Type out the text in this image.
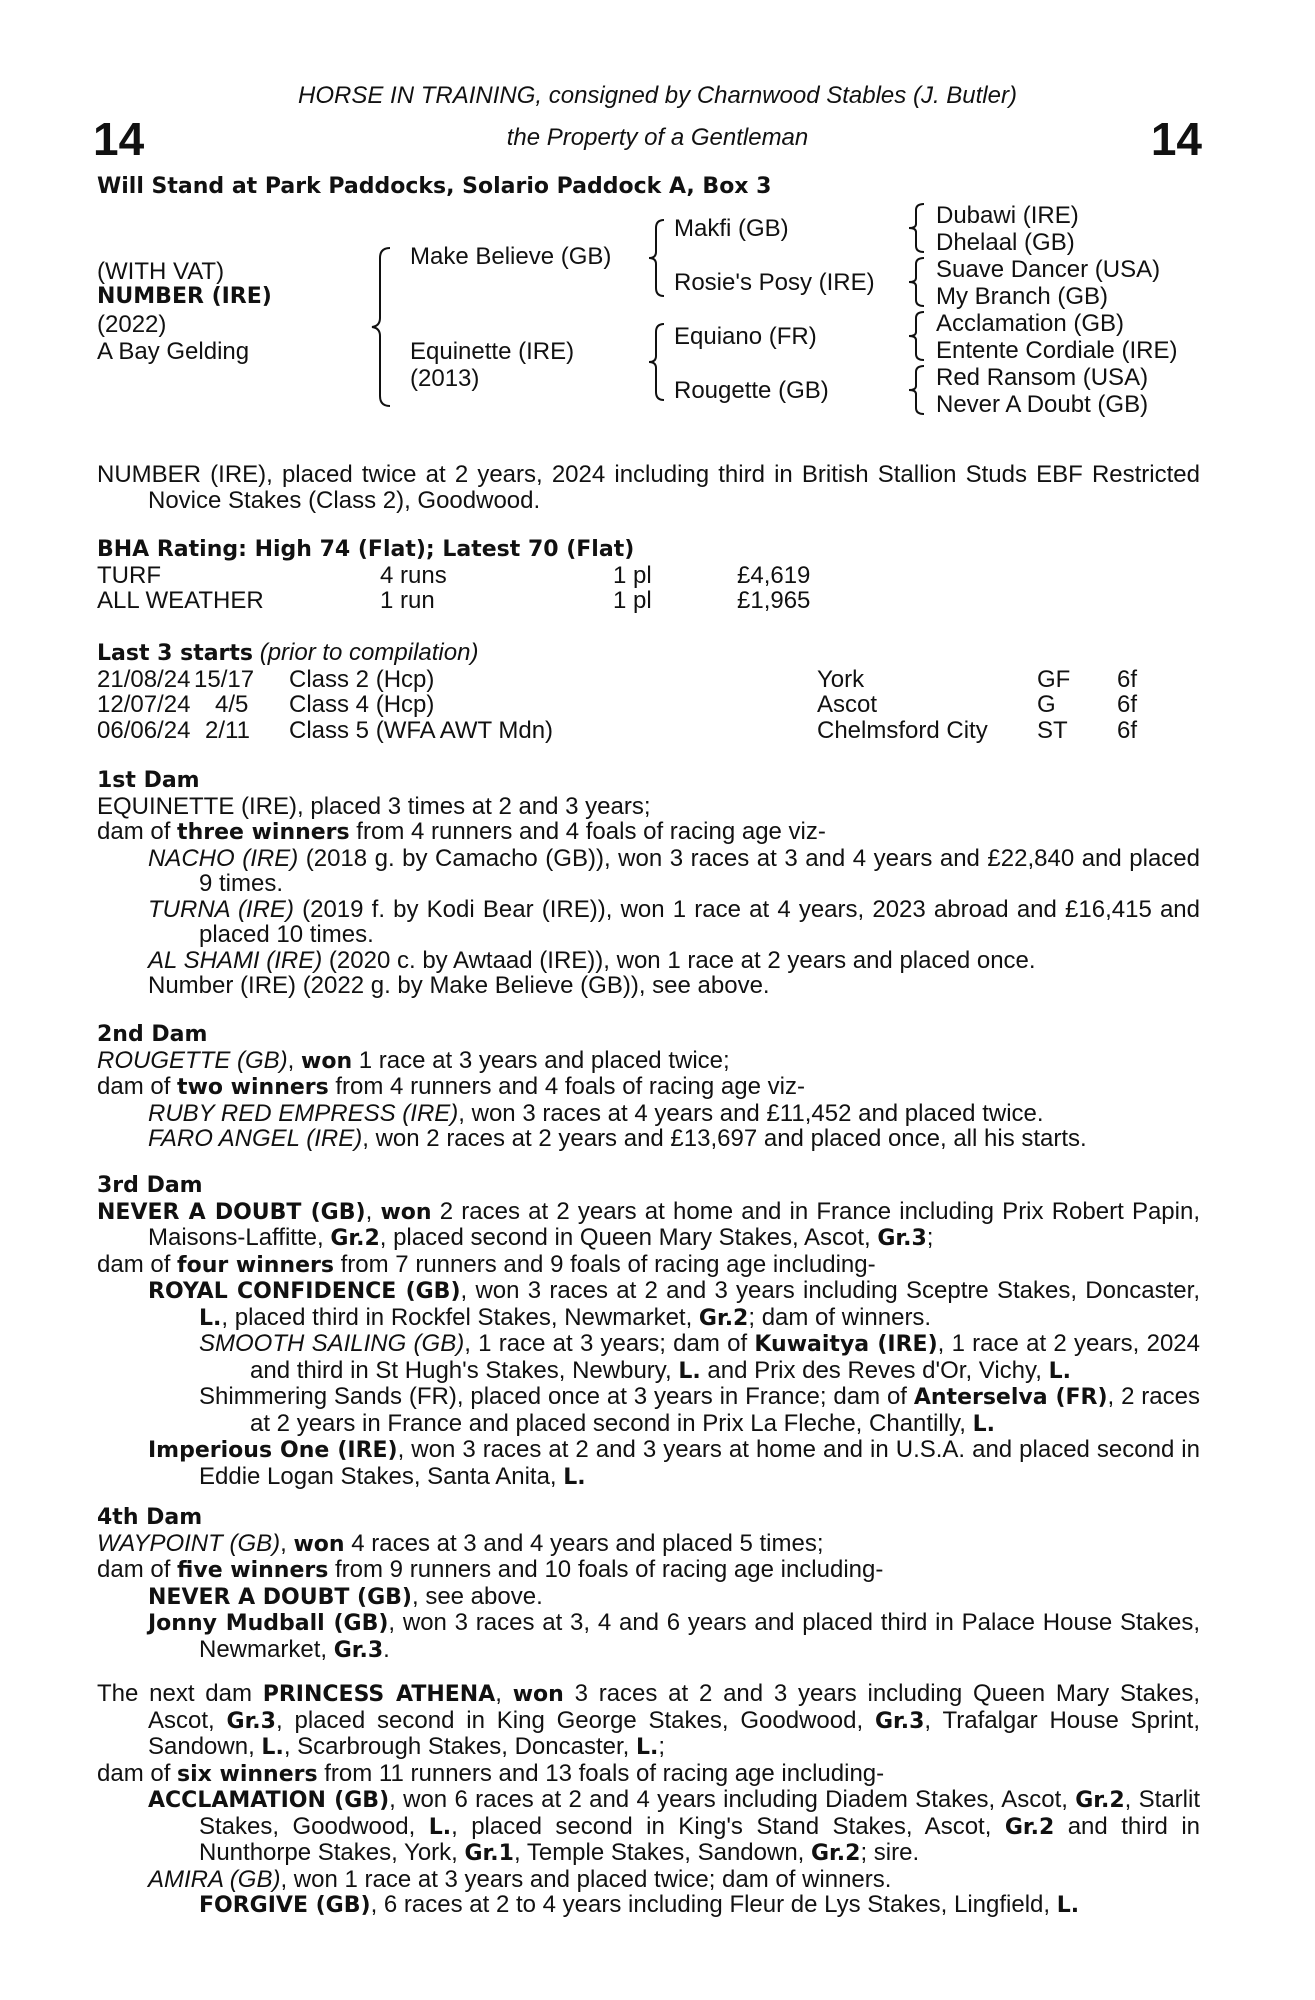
HORSE IN TRAINING, consigned by Charnwood Stables (J. Butler)
the Property of a Gentleman
14	14
Will Stand at Park Paddocks, Solario Paddock A, Box 3
(WITH VAT)
NUMBER (IRE)
(2022)
A Bay Gelding
Make Believe (GB)
Equinette (IRE)
(2013)
Makfi (GB)
Rosie's Posy (IRE)
Equiano (FR)
Rougette (GB)
Dubawi (IRE)
Dhelaal (GB)
Suave Dancer (USA)
My Branch (GB)
Acclamation (GB)
Entente Cordiale (IRE)
Red Ransom (USA)
Never A Doubt (GB)

NUMBER (IRE), placed twice at 2 years, 2024 including third in British Stallion Studs EBF Restricted Novice Stakes (Class 2), Goodwood.

BHA Rating: High 74 (Flat); Latest 70 (Flat)
TURF	4 runs	1 pl	£4,619
ALL WEATHER	1 run	1 pl	£1,965
Last 3 starts (prior to compilation)
21/08/24 15/17 Class 2 (Hcp)	York	GF 6f
12/07/24 4/5 Class 4 (Hcp)	Ascot	G	6f
06/06/24 2/11 Class 5 (WFA AWT Mdn)	Chelmsford City ST 6f
1st Dam

EQUINETTE (IRE), placed 3 times at 2 and 3 years;

dam of three winners from 4 runners and 4 foals of racing age viz-

NACHO (IRE) (2018 g. by Camacho (GB)), won 3 races at 3 and 4 years and £22,840 and placed 9 times.

TURNA (IRE) (2019 f. by Kodi Bear (IRE)), won 1 race at 4 years, 2023 abroad and £16,415 and placed 10 times.

AL SHAMI (IRE) (2020 c. by Awtaad (IRE)), won 1 race at 2 years and placed once.

Number (IRE) (2022 g. by Make Believe (GB)), see above.

2nd Dam

ROUGETTE (GB), won 1 race at 3 years and placed twice;

dam of two winners from 4 runners and 4 foals of racing age viz-

RUBY RED EMPRESS (IRE), won 3 races at 4 years and £11,452 and placed twice.

FARO ANGEL (IRE), won 2 races at 2 years and £13,697 and placed once, all his starts.

3rd Dam

NEVER A DOUBT (GB), won 2 races at 2 years at home and in France including Prix Robert Papin, Maisons-Laffitte, Gr.2, placed second in Queen Mary Stakes, Ascot, Gr.3;

dam of four winners from 7 runners and 9 foals of racing age including-

ROYAL CONFIDENCE (GB), won 3 races at 2 and 3 years including Sceptre Stakes, Doncaster, L., placed third in Rockfel Stakes, Newmarket, Gr.2; dam of winners.

SMOOTH SAILING (GB), 1 race at 3 years; dam of Kuwaitya (IRE), 1 race at 2 years, 2024 and third in St Hugh's Stakes, Newbury, L. and Prix des Reves d'Or, Vichy, L.

Shimmering Sands (FR), placed once at 3 years in France; dam of Anterselva (FR), 2 races at 2 years in France and placed second in Prix La Fleche, Chantilly, L.

Imperious One (IRE), won 3 races at 2 and 3 years at home and in U.S.A. and placed second in Eddie Logan Stakes, Santa Anita, L.

4th Dam

WAYPOINT (GB), won 4 races at 3 and 4 years and placed 5 times;

dam of five winners from 9 runners and 10 foals of racing age including-

NEVER A DOUBT (GB), see above.

Jonny Mudball (GB), won 3 races at 3, 4 and 6 years and placed third in Palace House Stakes, Newmarket, Gr.3.

The next dam PRINCESS ATHENA, won 3 races at 2 and 3 years including Queen Mary Stakes, Ascot, Gr.3, placed second in King George Stakes, Goodwood, Gr.3, Trafalgar House Sprint, Sandown, L., Scarbrough Stakes, Doncaster, L.;

dam of six winners from 11 runners and 13 foals of racing age including-

ACCLAMATION (GB), won 6 races at 2 and 4 years including Diadem Stakes, Ascot, Gr.2, Starlit Stakes, Goodwood, L., placed second in King's Stand Stakes, Ascot, Gr.2 and third in Nunthorpe Stakes, York, Gr.1, Temple Stakes, Sandown, Gr.2; sire.

AMIRA (GB), won 1 race at 3 years and placed twice; dam of winners.

FORGIVE (GB), 6 races at 2 to 4 years including Fleur de Lys Stakes, Lingfield, L.
